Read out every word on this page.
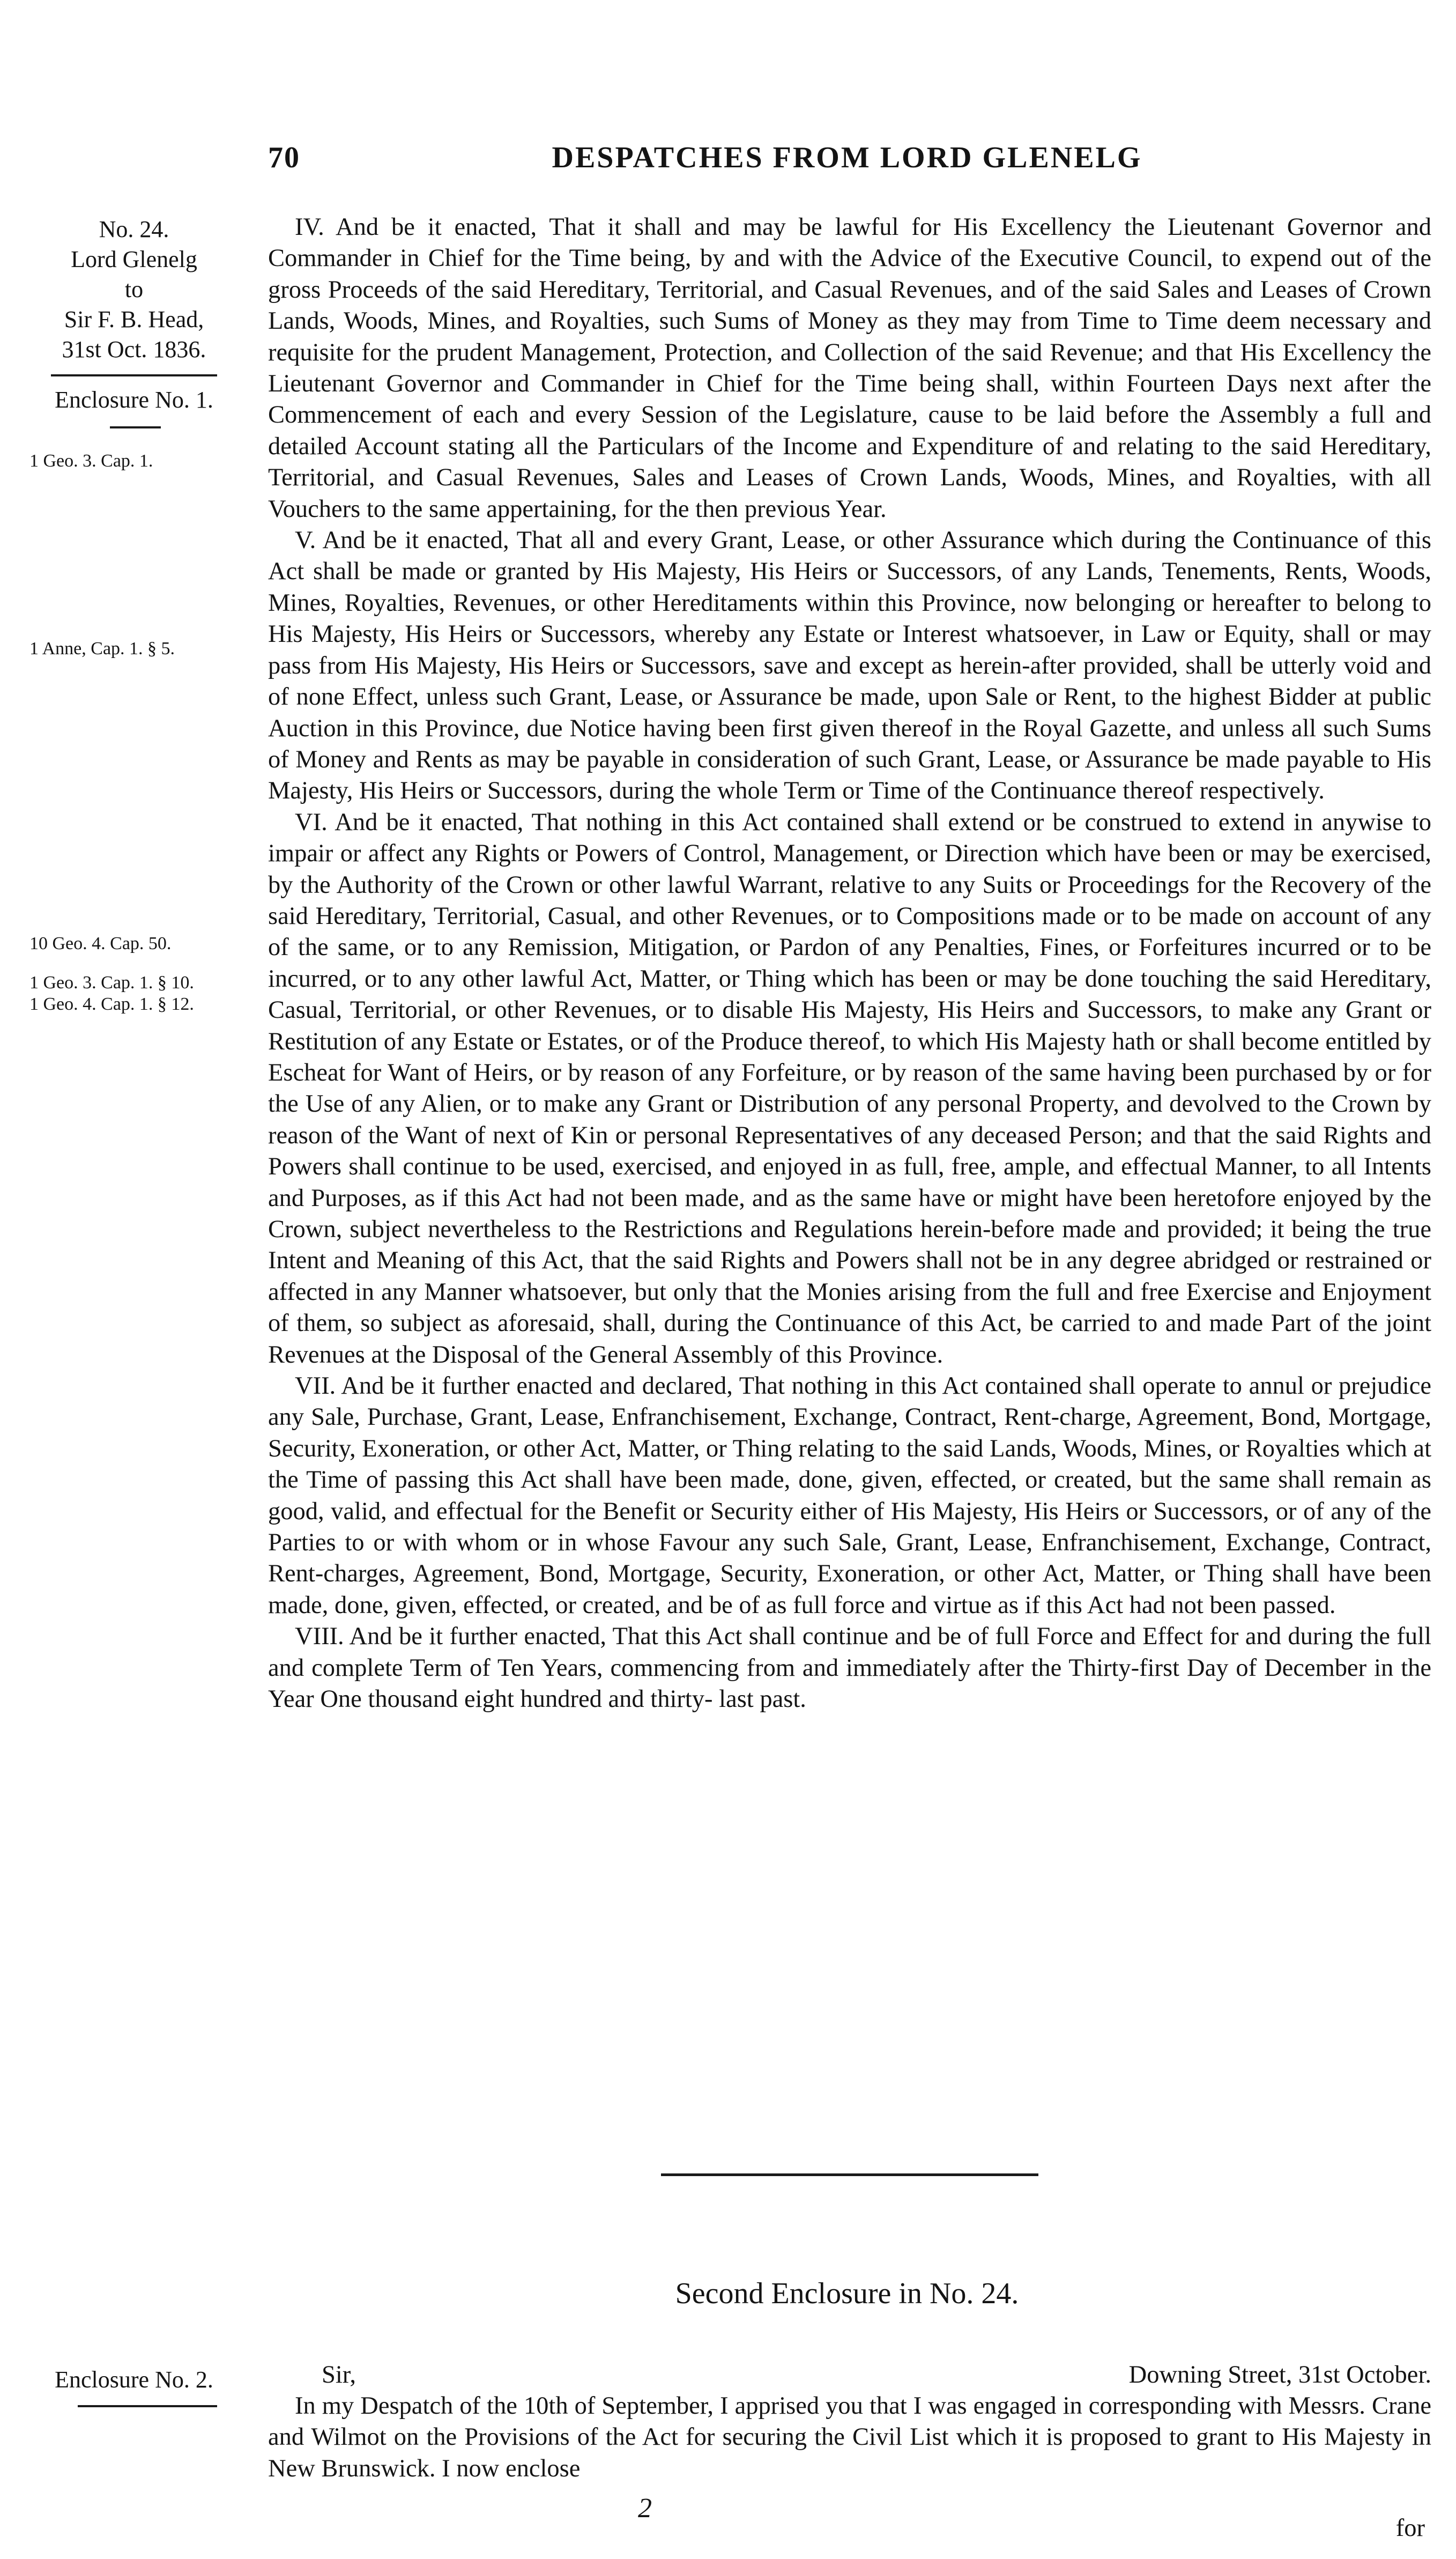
70	DESPATCHES FROM LORD GLENELG
No. 24.
Lord Glenelg
to
Sir F. B. Head,
31st Oct. 1836.
Enclosure No. 1.
1 Geo. 3. Cap. 1.
1 Anne, Cap. 1. § 5.
10 Geo. 4. Cap. 50.
1 Geo. 3. Cap. 1. § 10.
1 Geo. 4. Cap. 1. § 12.

IV. And be it enacted, That it shall and may be lawful for His Excellency the Lieutenant Governor and Commander in Chief for the Time being, by and with the Advice of the Executive Council, to expend out of the gross Proceeds of the said Hereditary, Territorial, and Casual Revenues, and of the said Sales and Leases of Crown Lands, Woods, Mines, and Royalties, such Sums of Money as they may from Time to Time deem necessary and requisite for the prudent Management, Protection, and Collection of the said Revenue; and that His Excellency the Lieutenant Governor and Commander in Chief for the Time being shall, within Fourteen Days next after the Commencement of each and every Session of the Legislature, cause to be laid before the Assembly a full and detailed Account stating all the Particulars of the Income and Expenditure of and relating to the said Hereditary, Territorial, and Casual Revenues, Sales and Leases of Crown Lands, Woods, Mines, and Royalties, with all Vouchers to the same appertaining, for the then previous Year.

V. And be it enacted, That all and every Grant, Lease, or other Assurance which during the Continuance of this Act shall be made or granted by His Majesty, His Heirs or Successors, of any Lands, Tenements, Rents, Woods, Mines, Royalties, Revenues, or other Hereditaments within this Province, now belonging or hereafter to belong to His Majesty, His Heirs or Successors, whereby any Estate or Interest whatsoever, in Law or Equity, shall or may pass from His Majesty, His Heirs or Successors, save and except as herein-after provided, shall be utterly void and of none Effect, unless such Grant, Lease, or Assurance be made, upon Sale or Rent, to the highest Bidder at public Auction in this Province, due Notice having been first given thereof in the Royal Gazette, and unless all such Sums of Money and Rents as may be payable in consideration of such Grant, Lease, or Assurance be made payable to His Majesty, His Heirs or Successors, during the whole Term or Time of the Continuance thereof respectively.

VI. And be it enacted, That nothing in this Act contained shall extend or be construed to extend in anywise to impair or affect any Rights or Powers of Control, Management, or Direction which have been or may be exercised, by the Authority of the Crown or other lawful Warrant, relative to any Suits or Proceedings for the Recovery of the said Hereditary, Territorial, Casual, and other Revenues, or to Compositions made or to be made on account of any of the same, or to any Remission, Mitigation, or Pardon of any Penalties, Fines, or Forfeitures incurred or to be incurred, or to any other lawful Act, Matter, or Thing which has been or may be done touching the said Hereditary, Casual, Territorial, or other Revenues, or to disable His Majesty, His Heirs and Successors, to make any Grant or Restitution of any Estate or Estates, or of the Produce thereof, to which His Majesty hath or shall become entitled by Escheat for Want of Heirs, or by reason of any Forfeiture, or by reason of the same having been purchased by or for the Use of any Alien, or to make any Grant or Distribution of any personal Property, and devolved to the Crown by reason of the Want of next of Kin or personal Representatives of any deceased Person; and that the said Rights and Powers shall continue to be used, exercised, and enjoyed in as full, free, ample, and effectual Manner, to all Intents and Purposes, as if this Act had not been made, and as the same have or might have been heretofore enjoyed by the Crown, subject nevertheless to the Restrictions and Regulations herein-before made and provided; it being the true Intent and Meaning of this Act, that the said Rights and Powers shall not be in any degree abridged or restrained or affected in any Manner whatsoever, but only that the Monies arising from the full and free Exercise and Enjoyment of them, so subject as aforesaid, shall, during the Continuance of this Act, be carried to and made Part of the joint Revenues at the Disposal of the General Assembly of this Province.

VII. And be it further enacted and declared, That nothing in this Act contained shall operate to annul or prejudice any Sale, Purchase, Grant, Lease, Enfranchisement, Exchange, Contract, Rent-charge, Agreement, Bond, Mortgage, Security, Exoneration, or other Act, Matter, or Thing relating to the said Lands, Woods, Mines, or Royalties which at the Time of passing this Act shall have been made, done, given, effected, or created, but the same shall remain as good, valid, and effectual for the Benefit or Security either of His Majesty, His Heirs or Successors, or of any of the Parties to or with whom or in whose Favour any such Sale, Grant, Lease, Enfranchisement, Exchange, Contract, Rent-charges, Agreement, Bond, Mortgage, Security, Exoneration, or other Act, Matter, or Thing shall have been made, done, given, effected, or created, and be of as full force and virtue as if this Act had not been passed.

VIII. And be it further enacted, That this Act shall continue and be of full Force and Effect for and during the full and complete Term of Ten Years, commencing from and immediately after the Thirty-first Day of December in the Year One thousand eight hundred and thirty- last past.

Second Enclosure in No. 24.
Enclosure No. 2.	Sir,	Downing Street, 31st October.

In my Despatch of the 10th of September, I apprised you that I was engaged in corresponding with Messrs. Crane and Wilmot on the Provisions of the Act for securing the Civil List which it is proposed to grant to His Majesty in New Brunswick. I now enclose

2
for
